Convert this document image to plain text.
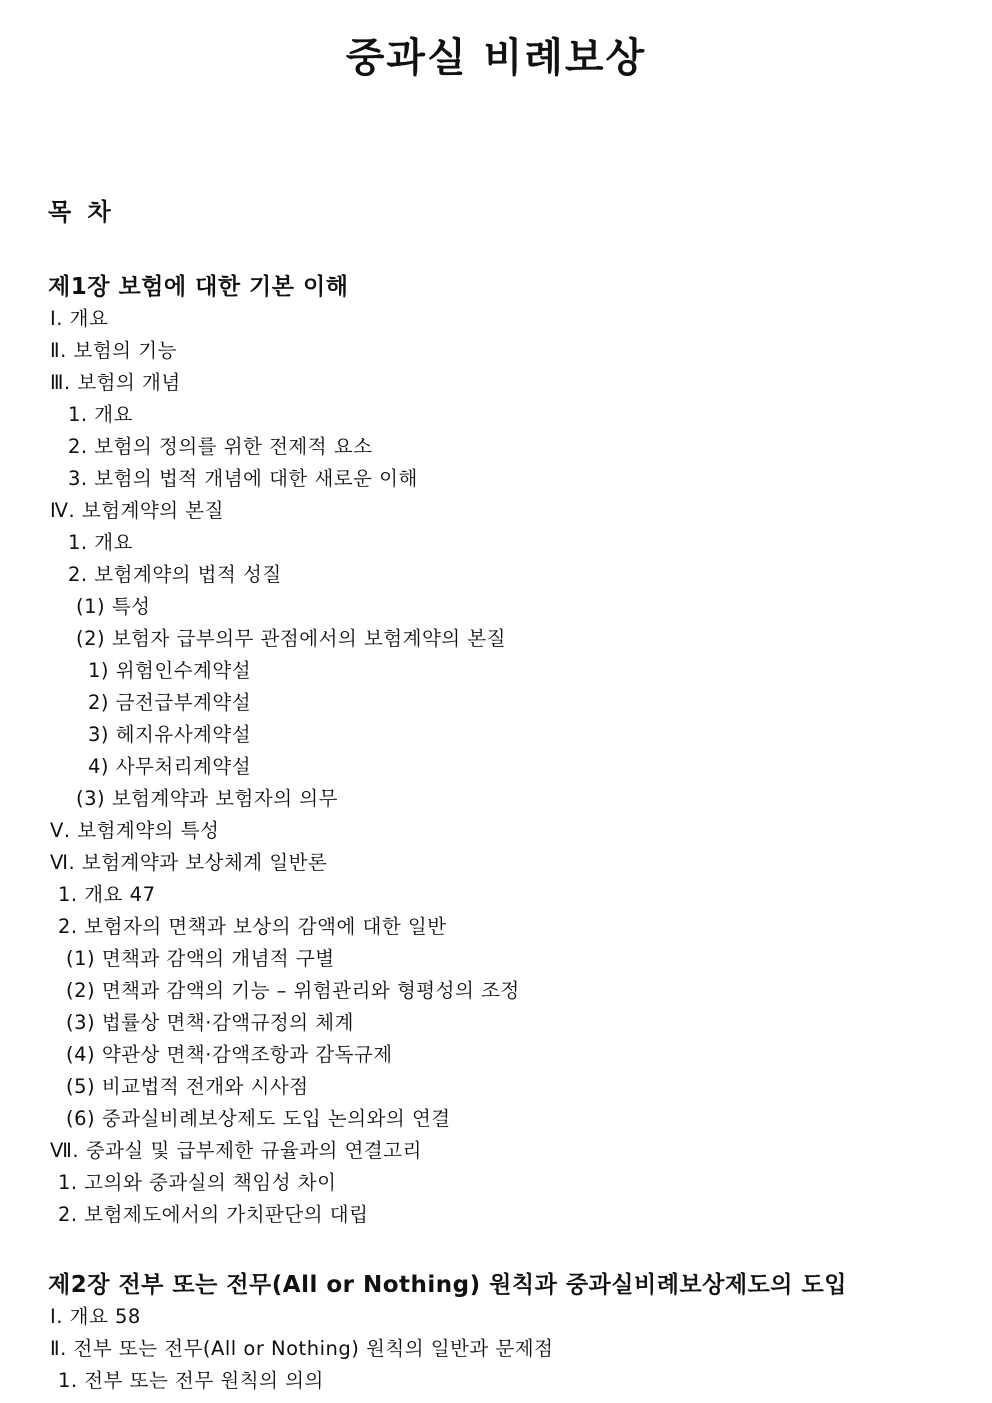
중과실 비례보상
목 차
제1장 보험에 대한 기본 이해
Ⅰ. 개요
Ⅱ. 보험의 기능
Ⅲ. 보험의 개념
1. 개요
2. 보험의 정의를 위한 전제적 요소
3. 보험의 법적 개념에 대한 새로운 이해
Ⅳ. 보험계약의 본질
1. 개요
2. 보험계약의 법적 성질
(1) 특성
(2) 보험자 급부의무 관점에서의 보험계약의 본질
1) 위험인수계약설
2) 금전급부계약설
3) 헤지유사계약설
4) 사무처리계약설
(3) 보험계약과 보험자의 의무
Ⅴ. 보험계약의 특성
Ⅵ. 보험계약과 보상체계 일반론
1. 개요 47
2. 보험자의 면책과 보상의 감액에 대한 일반
(1) 면책과 감액의 개념적 구별
(2) 면책과 감액의 기능 – 위험관리와 형평성의 조정
(3) 법률상 면책·감액규정의 체계
(4) 약관상 면책·감액조항과 감독규제
(5) 비교법적 전개와 시사점
(6) 중과실비례보상제도 도입 논의와의 연결
Ⅶ. 중과실 및 급부제한 규율과의 연결고리
1. 고의와 중과실의 책임성 차이
2. 보험제도에서의 가치판단의 대립
제2장 전부 또는 전무(All or Nothing) 원칙과 중과실비례보상제도의 도입
Ⅰ. 개요 58
Ⅱ. 전부 또는 전무(All or Nothing) 원칙의 일반과 문제점
1. 전부 또는 전무 원칙의 의의
